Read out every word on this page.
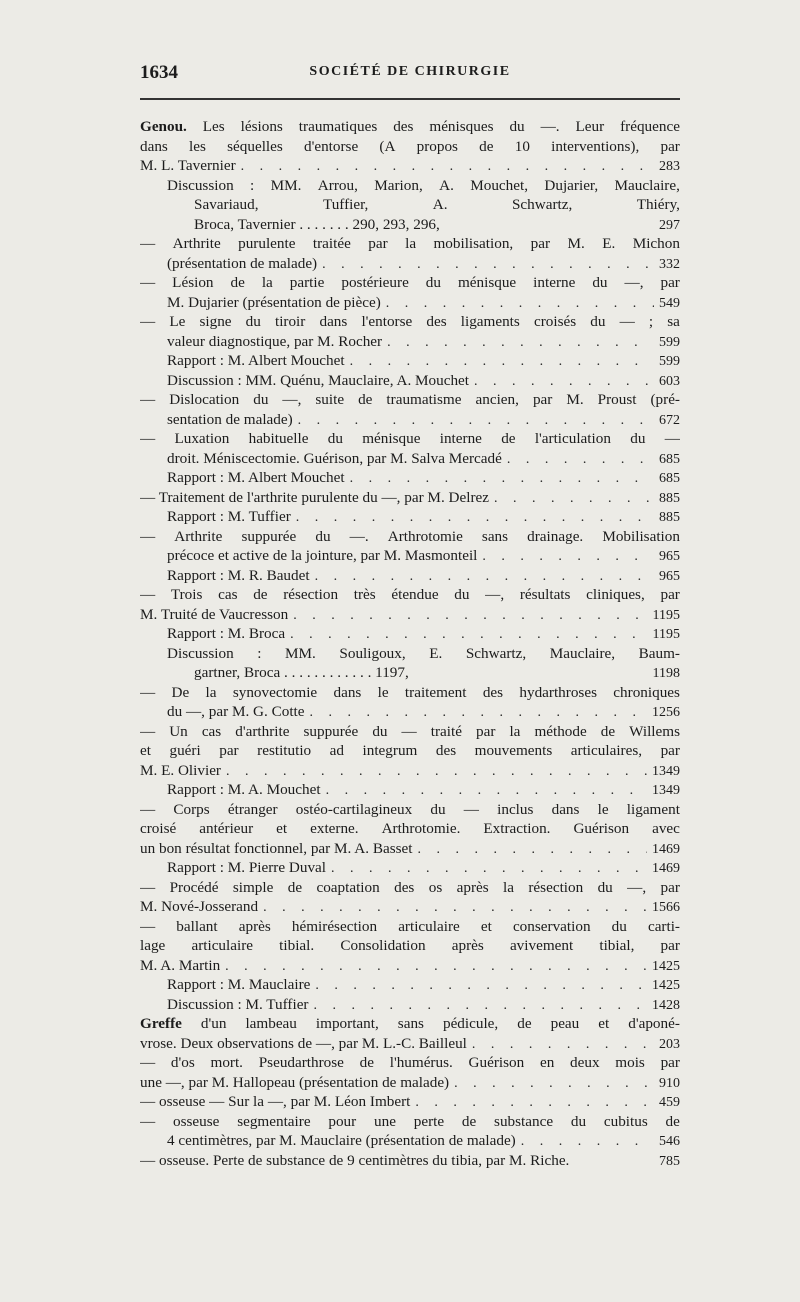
1634	SOCIÉTÉ DE CHIRURGIE
Genou. Les lésions traumatiques des ménisques du —. Leur fréquence
dans les séquelles d'entorse (A propos de 10 interventions), par
M. L. Tavernier . . .	283
Discussion : MM. Arrou, Marion, A. Mouchet, Dujarier, Mauclaire,
Savariaud,	Tuffier,	A.	Schwartz,	Thiéry,
Broca, Tavernier . . . . . . . 290, 293, 296,	297
— Arthrite purulente traitée par la mobilisation, par M. E. Michon
(présentation de malade) . . .	332
— Lésion de la partie postérieure du ménisque interne du —, par
M. Dujarier (présentation de pièce) . . .	549
— Le signe du tiroir dans l'entorse des ligaments croisés du — ; sa
valeur diagnostique, par M. Rocher . . .	599
Rapport : M. Albert Mouchet . . .	599
Discussion : MM. Quénu, Mauclaire, A. Mouchet . . .	603
— Dislocation du —, suite de traumatisme ancien, par M. Proust (pré-
sentation de malade) . . .	672
— Luxation habituelle du ménisque interne de l'articulation du —
droit. Méniscectomie. Guérison, par M. Salva Mercadé . . .	685
Rapport : M. Albert Mouchet . . .	685
— Traitement de l'arthrite purulente du —, par M. Delrez . . .	885
Rapport : M. Tuffier . . .	885
— Arthrite suppurée du —. Arthrotomie sans drainage. Mobilisation
précoce et active de la jointure, par M. Masmonteil . . .	965
Rapport : M. R. Baudet . . .	965
— Trois cas de résection très étendue du —, résultats cliniques, par
M. Truité de Vaucresson . . .	1195
Rapport : M. Broca . . .	1195
Discussion : MM. Souligoux, E. Schwartz, Mauclaire, Baum-
gartner, Broca . . . . . . . . . . . . 1197,	1198
— De la synovectomie dans le traitement des hydarthroses chroniques
du —, par M. G. Cotte . . .	1256
— Un cas d'arthrite suppurée du — traité par la méthode de Willems
et guéri par restitutio ad integrum des mouvements articulaires, par
M. E. Olivier . . .	1349
Rapport : M. A. Mouchet . . .	1349
— Corps étranger ostéo-cartilagineux du — inclus dans le ligament
croisé antérieur et externe. Arthrotomie. Extraction. Guérison avec
un bon résultat fonctionnel, par M. A. Basset . . .	1469
Rapport : M. Pierre Duval . . .	1469
— Procédé simple de coaptation des os après la résection du —, par
M. Nové-Josserand . . .	1566
— ballant après hémirésection articulaire et conservation du carti-
lage articulaire tibial. Consolidation après avivement tibial, par
M. A. Martin . . .	1425
Rapport : M. Mauclaire . . .	1425
Discussion : M. Tuffier . . .	1428
Greffe d'un lambeau important, sans pédicule, de peau et d'aponé-
vrose. Deux observations de —, par M. L.-C. Bailleul . . .	203
— d'os mort. Pseudarthrose de l'humérus. Guérison en deux mois par
une —, par M. Hallopeau (présentation de malade) . . .	910
— osseuse — Sur la —, par M. Léon Imbert . . .	459
— osseuse segmentaire pour une perte de substance du cubitus de
4 centimètres, par M. Mauclaire (présentation de malade) . . .	546
— osseuse. Perte de substance de 9 centimètres du tibia, par M. Riche.	785
